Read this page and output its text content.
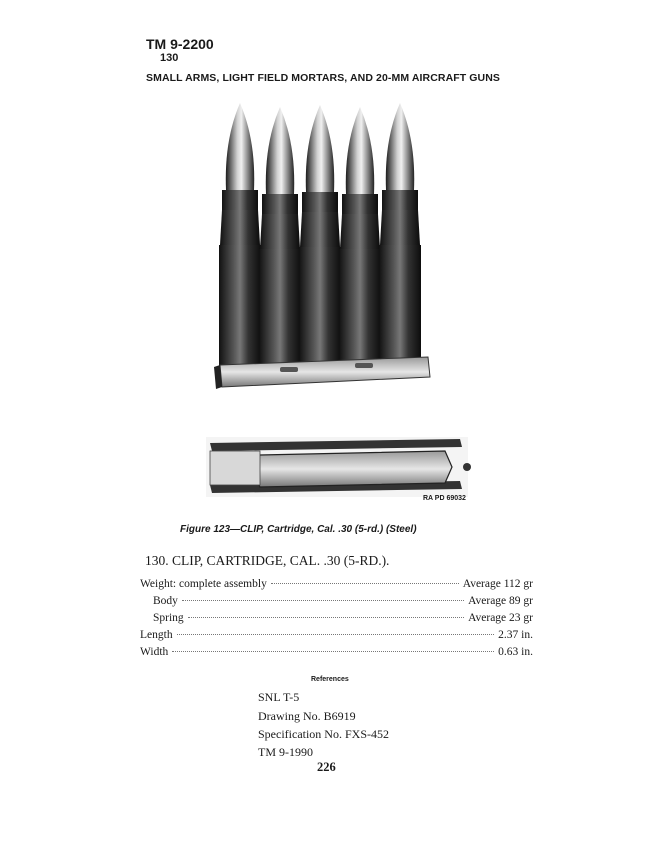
TM 9-2200
130
SMALL ARMS, LIGHT FIELD MORTARS, AND 20-MM AIRCRAFT GUNS
RA PD 69032
Figure 123—CLIP, Cartridge, Cal. .30 (5-rd.) (Steel)
130. CLIP, CARTRIDGE, CAL. .30 (5-RD.).
Weight: complete assembly	Average 112 gr
Body	Average 89 gr
Spring	Average 23 gr
Length	2.37 in.
Width	0.63 in.
References
SNL T-5
Drawing No. B6919
Specification No. FXS-452
TM 9-1990
226
